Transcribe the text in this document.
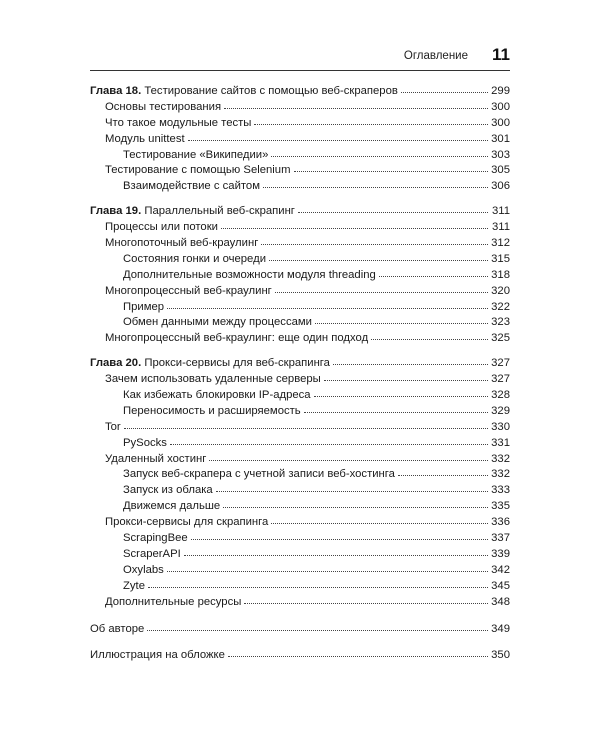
Оглавление 11
Глава 18. Тестирование сайтов с помощью веб-скраперов	299
Основы тестирования	300
Что такое модульные тесты	300
Модуль unittest	301
Тестирование «Википедии»	303
Тестирование с помощью Selenium	305
Взаимодействие с сайтом	306
Глава 19. Параллельный веб-скрапинг	311
Процессы или потоки	311
Многопоточный веб-краулинг	312
Состояния гонки и очереди	315
Дополнительные возможности модуля threading	318
Многопроцессный веб-краулинг	320
Пример	322
Обмен данными между процессами	323
Многопроцессный веб-краулинг: еще один подход	325
Глава 20. Прокси-сервисы для веб-скрапинга	327
Зачем использовать удаленные серверы	327
Как избежать блокировки IP-адреса	328
Переносимость и расширяемость	329
Tor	330
PySocks	331
Удаленный хостинг	332
Запуск веб-скрапера с учетной записи веб-хостинга	332
Запуск из облака	333
Движемся дальше	335
Прокси-сервисы для скрапинга	336
ScrapingBee	337
ScraperAPI	339
Oxylabs	342
Zyte	345
Дополнительные ресурсы	348
Об авторе	349
Иллюстрация на обложке	350
